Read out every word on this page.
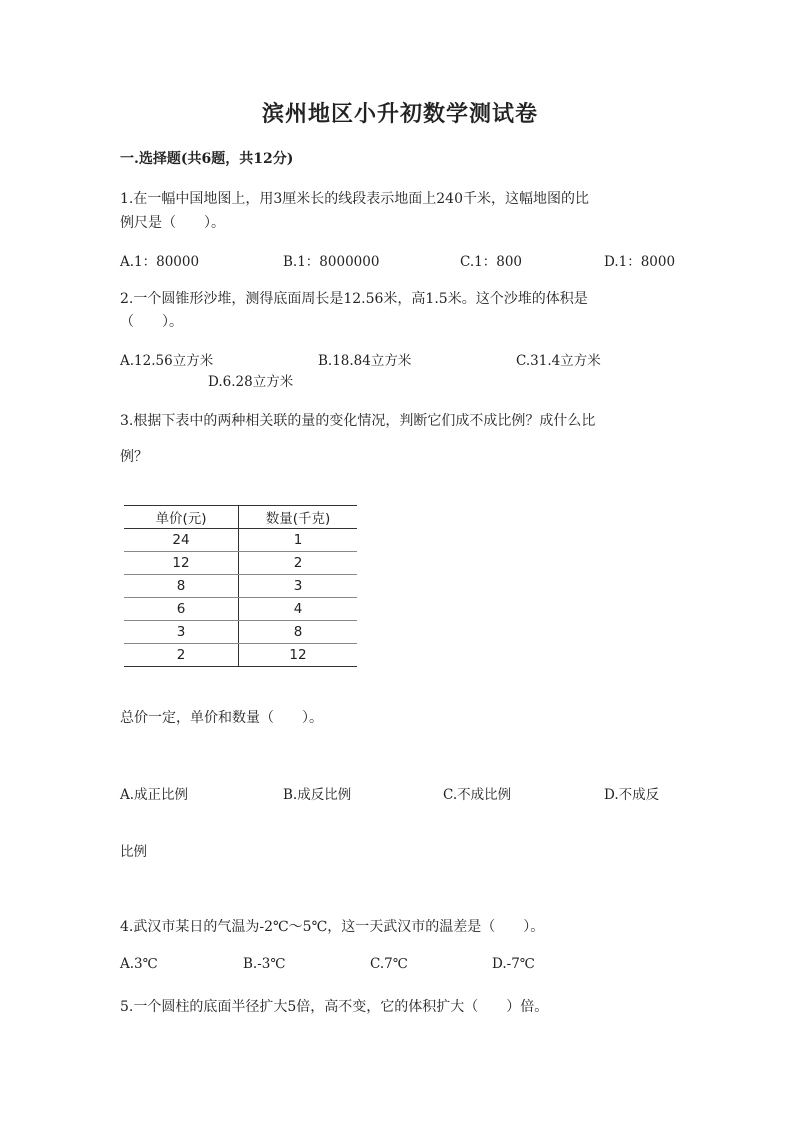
滨州地区小升初数学测试卷
一.选择题(共6题，共12分)
1.在一幅中国地图上，用3厘米长的线段表示地面上240千米，这幅地图的比
例尺是（　　）。
A.1：80000	B.1：8000000	C.1：800	D.1：8000
2.一个圆锥形沙堆，测得底面周长是12.56米，高1.5米。这个沙堆的体积是
（　　）。
A.12.56立方米	B.18.84立方米	C.31.4立方米
D.6.28立方米
3.根据下表中的两种相关联的量的变化情况，判断它们成不成比例？成什么比
例？
单价(元)	数量(千克)
24	1
12	2
8	3
6	4
3	8
2	12
总价一定，单价和数量（　　）。
A.成正比例	B.成反比例	C.不成比例	D.不成反
比例
4.武汉市某日的气温为-2℃～5℃，这一天武汉市的温差是（　　）。
A.3℃	B.-3℃	C.7℃	D.-7℃
5.一个圆柱的底面半径扩大5倍，高不变，它的体积扩大（　　）倍。
